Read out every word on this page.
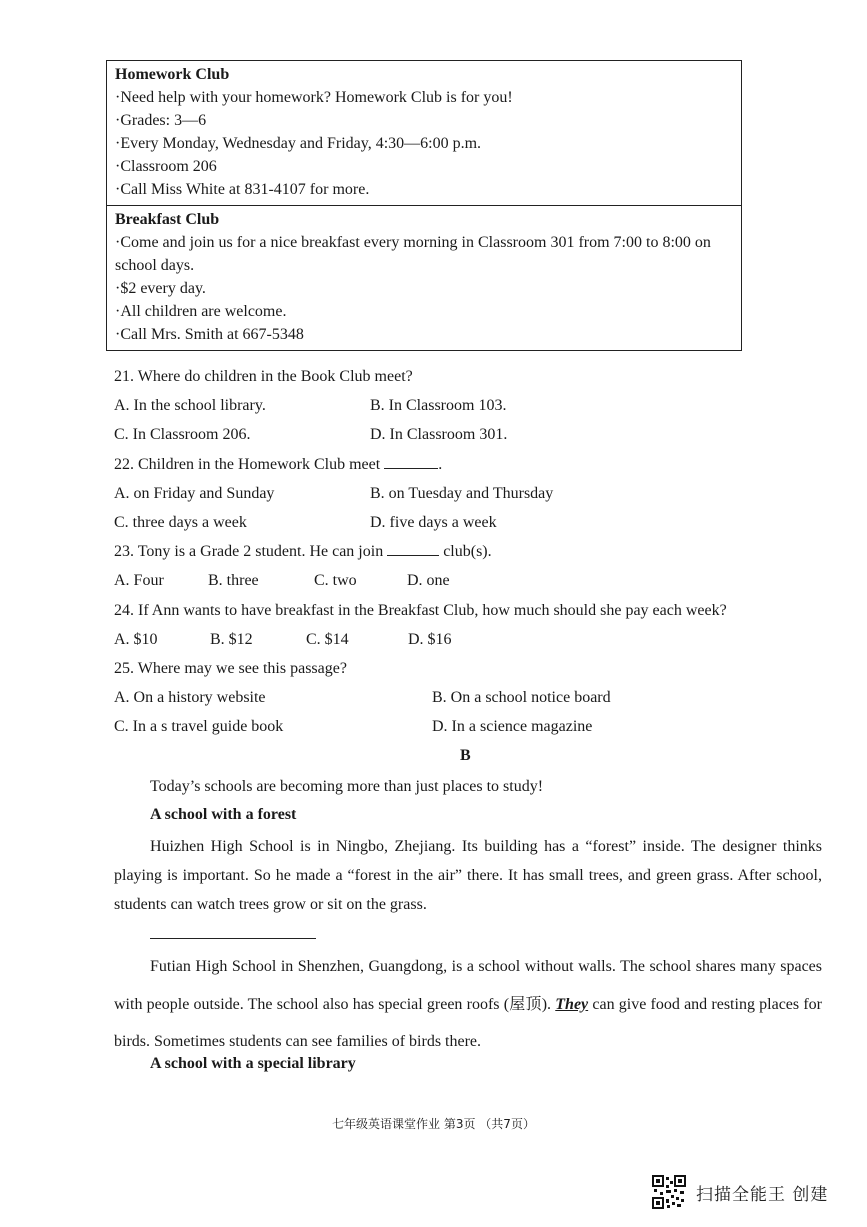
Homework Club
·Need help with your homework? Homework Club is for you!
·Grades: 3—6
·Every Monday, Wednesday and Friday, 4:30—6:00 p.m.
·Classroom 206
·Call Miss White at 831-4107 for more.
Breakfast Club
·Come and join us for a nice breakfast every morning in Classroom 301 from 7:00 to 8:00 on school days.
·$2 every day.
·All children are welcome.
·Call Mrs. Smith at 667-5348
21. Where do children in the Book Club meet?
A. In the school library.	B. In Classroom 103.
C. In Classroom 206.	D. In Classroom 301.
22. Children in the Homework Club meet	.
A. on Friday and Sunday	B. on Tuesday and Thursday
C. three days a week	D. five days a week
23. Tony is a Grade 2 student. He can join	club(s).
A. Four	B. three	C. two	D. one
24. If Ann wants to have breakfast in the Breakfast Club, how much should she pay each week?
A. $10	B. $12	C. $14	D. $16
25. Where may we see this passage?
A. On a history website	B. On a school notice board
C. In a s travel guide book	D. In a science magazine
B
Today’s schools are becoming more than just places to study!
A school with a forest
Huizhen High School is in Ningbo, Zhejiang. Its building has a “forest” inside. The designer thinks playing is important. So he made a “forest in the air” there. It has small trees, and green grass. After school, students can watch trees grow or sit on the grass.
Futian High School in Shenzhen, Guangdong, is a school without walls. The school shares many spaces with people outside. The school also has special green roofs (屋顶). They can give food and resting places for birds. Sometimes students can see families of birds there.
A school with a special library
七年级英语课堂作业 第3页 （共7页）
扫描全能王 创建
